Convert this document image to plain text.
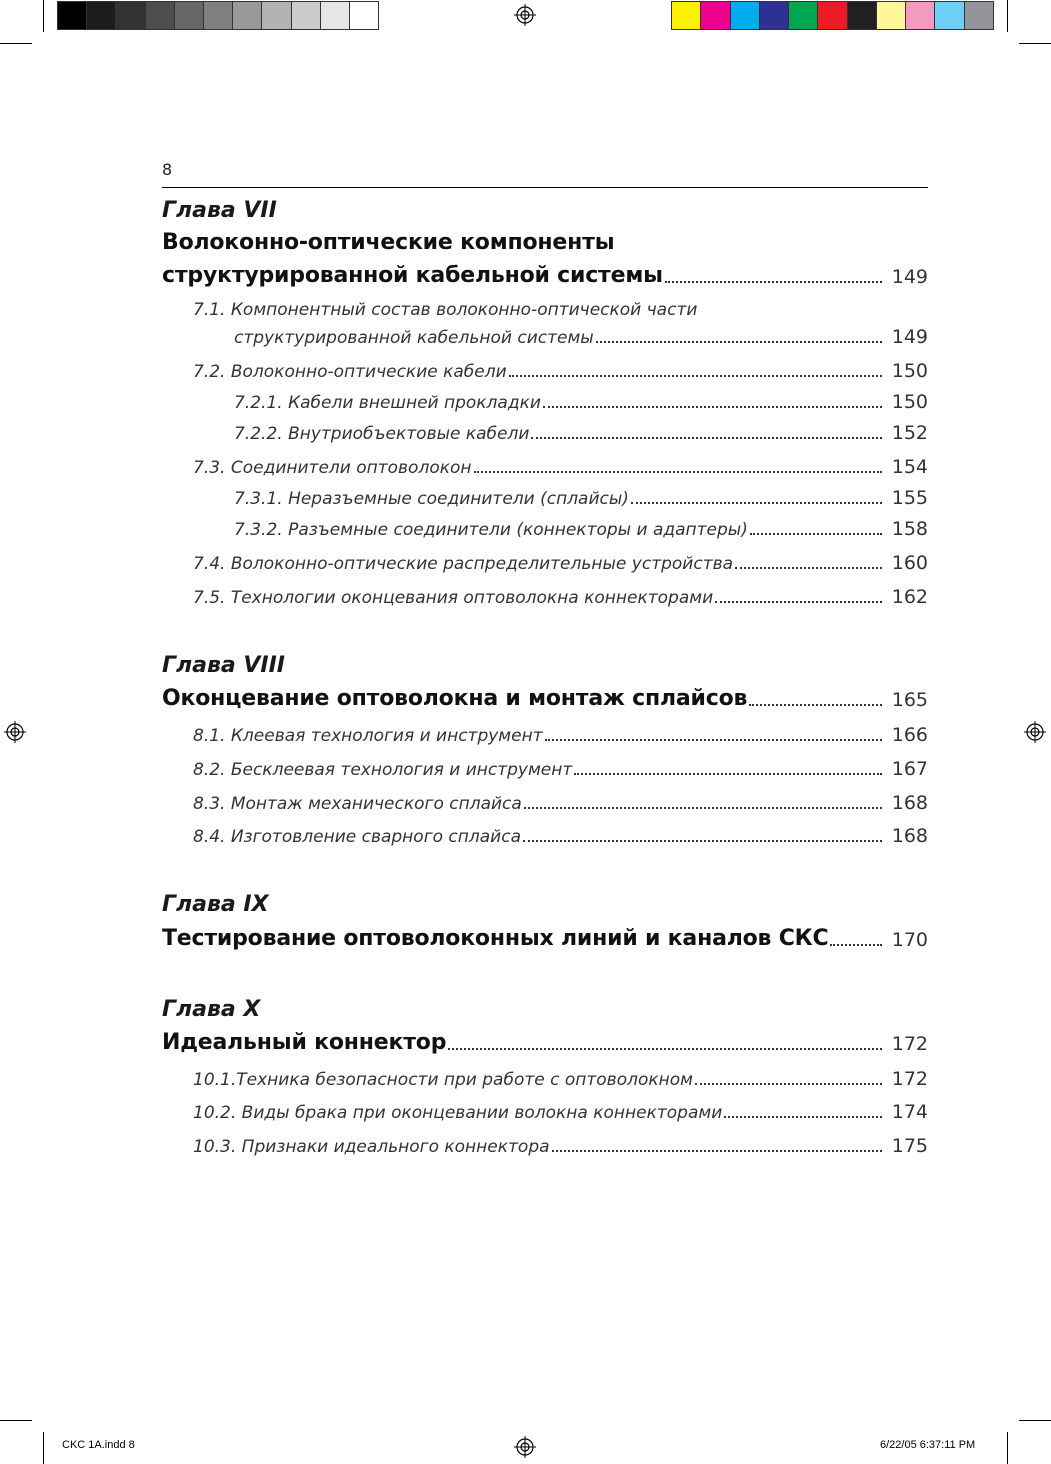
8
Глава VII
Волоконно-оптические компоненты
структурированной кабельной системы	149
7.1. Компонентный состав волоконно-оптической части
структурированной кабельной системы	149
7.2. Волоконно-оптические кабели	150
7.2.1. Кабели внешней прокладки	150
7.2.2. Внутриобъектовые кабели	152
7.3. Соединители оптоволокон	154
7.3.1. Неразъемные соединители (сплайсы)	155
7.3.2. Разъемные соединители (коннекторы и адаптеры)	158
7.4. Волоконно-оптические распределительные устройства	160
7.5. Технологии оконцевания оптоволокна коннекторами	162
Глава VIII
Оконцевание оптоволокна и монтаж сплайсов	165
8.1. Клеевая технология и инструмент	166
8.2. Бесклеевая технология и инструмент	167
8.3. Монтаж механического сплайса	168
8.4. Изготовление сварного сплайса	168
Глава IX
Тестирование оптоволоконных линий и каналов СКС	170
Глава X
Идеальный коннектор	172
10.1.Техника безопасности при работе с оптоволокном	172
10.2. Виды брака при оконцевании волокна коннекторами	174
10.3. Признаки идеального коннектора	175
CKC 1A.indd 8	6/22/05 6:37:11 PM
